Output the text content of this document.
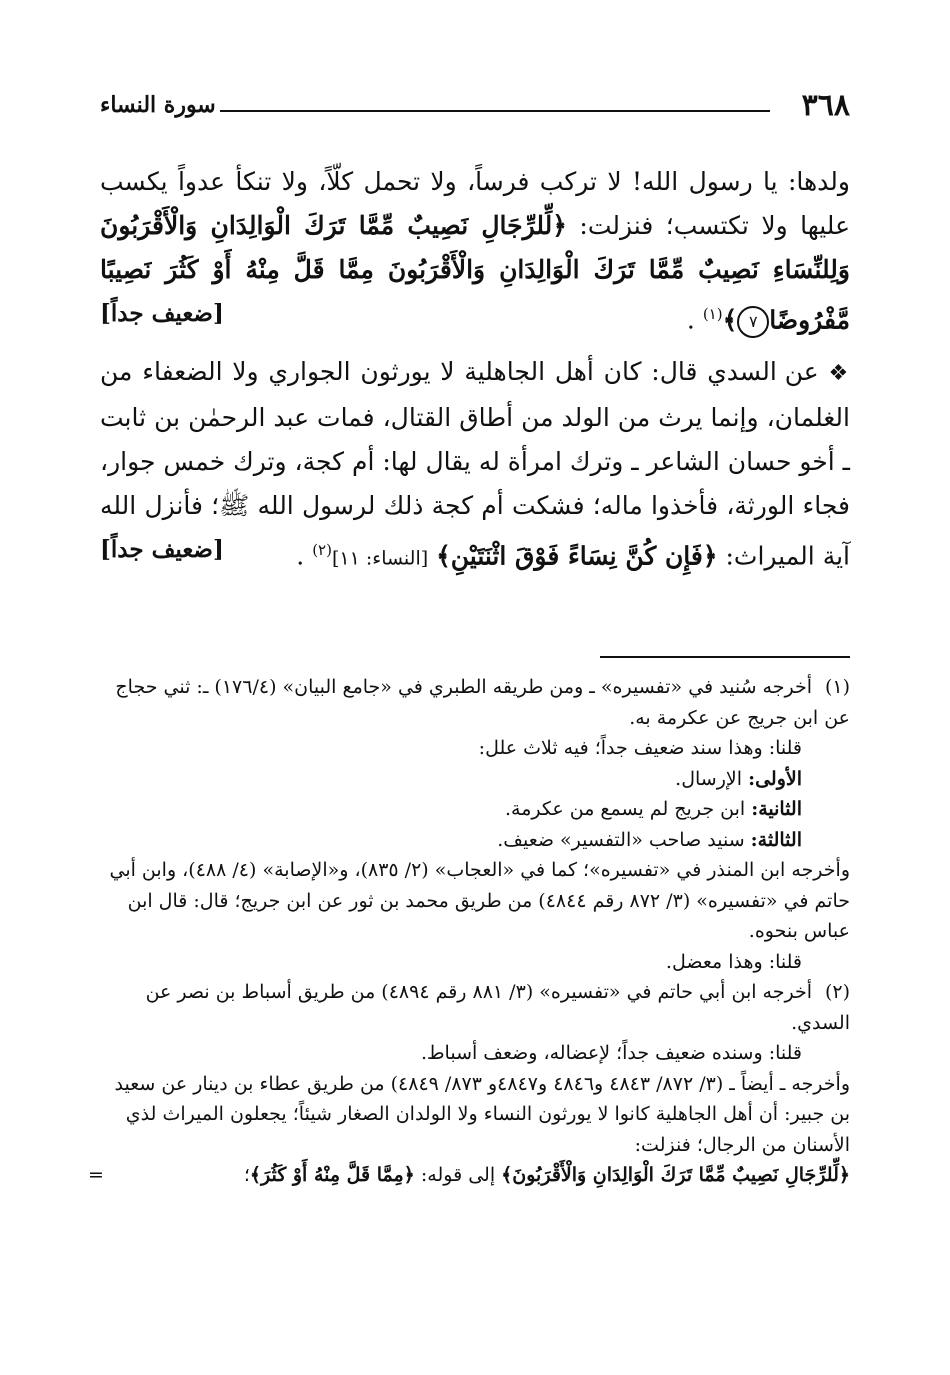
٣٦٨
سورة النساء

ولدها: يا رسول الله! لا تركب فرساً، ولا تحمل كلّاً، ولا تنكأ عدواً يكسب عليها ولا تكتسب؛ فنزلت: ﴿لِّلرِّجَالِ نَصِيبٌ مِّمَّا تَرَكَ الْوَالِدَانِ وَالْأَقْرَبُونَ وَلِلنِّسَاءِ نَصِيبٌ مِّمَّا تَرَكَ الْوَالِدَانِ وَالْأَقْرَبُونَ مِمَّا قَلَّ مِنْهُ أَوْ كَثُرَ نَصِيبًا مَّفْرُوضًا٧﴾$^{(١)}$ .
[ضعيف جداً]

❖ عن السدي قال: كان أهل الجاهلية لا يورثون الجواري ولا الضعفاء من الغلمان، وإنما يرث من الولد من أطاق القتال، فمات عبد الرحمٰن بن ثابت ـ أخو حسان الشاعر ـ وترك امرأة له يقال لها: أم كجة، وترك خمس جوار، فجاء الورثة، فأخذوا ماله؛ فشكت أم كجة ذلك لرسول الله ﷺ؛ فأنزل الله آية الميراث: ﴿فَإِن كُنَّ نِسَاءً فَوْقَ اثْنَتَيْنِ﴾ [النساء: ١١]$^{(٢)}$ .
[ضعيف جداً]

(١)أخرجه سُنيد في «تفسيره» ـ ومن طريقه الطبري في «جامع البيان» (١٧٦/٤) ـ: ثني حجاج عن ابن جريج عن عكرمة به.

قلنا: وهذا سند ضعيف جداً؛ فيه ثلاث علل:

الأولى: الإرسال.

الثانية: ابن جريج لم يسمع من عكرمة.

الثالثة: سنيد صاحب «التفسير» ضعيف.

وأخرجه ابن المنذر في «تفسيره»؛ كما في «العجاب» (٢/ ٨٣٥)، و«الإصابة» (٤/ ٤٨٨)، وابن أبي حاتم في «تفسيره» (٣/ ٨٧٢ رقم ٤٨٤٤) من طريق محمد بن ثور عن ابن جريج؛ قال: قال ابن عباس بنحوه.

قلنا: وهذا معضل.

(٢)أخرجه ابن أبي حاتم في «تفسيره» (٣/ ٨٨١ رقم ٤٨٩٤) من طريق أسباط بن نصر عن السدي.

قلنا: وسنده ضعيف جداً؛ لإعضاله، وضعف أسباط.

وأخرجه ـ أيضاً ـ (٣/ ٨٧٢/ ٤٨٤٣ و٤٨٤٦ و٤٨٤٧و ٨٧٣/ ٤٨٤٩) من طريق عطاء بن دينار عن سعيد بن جبير: أن أهل الجاهلية كانوا لا يورثون النساء ولا الولدان الصغار شيئاً؛ يجعلون الميراث لذي الأسنان من الرجال؛ فنزلت:

﴿لِّلرِّجَالِ نَصِيبٌ مِّمَّا تَرَكَ الْوَالِدَانِ وَالْأَقْرَبُونَ﴾ إلى قوله: ﴿مِمَّا قَلَّ مِنْهُ أَوْ كَثُرَ﴾؛

=
